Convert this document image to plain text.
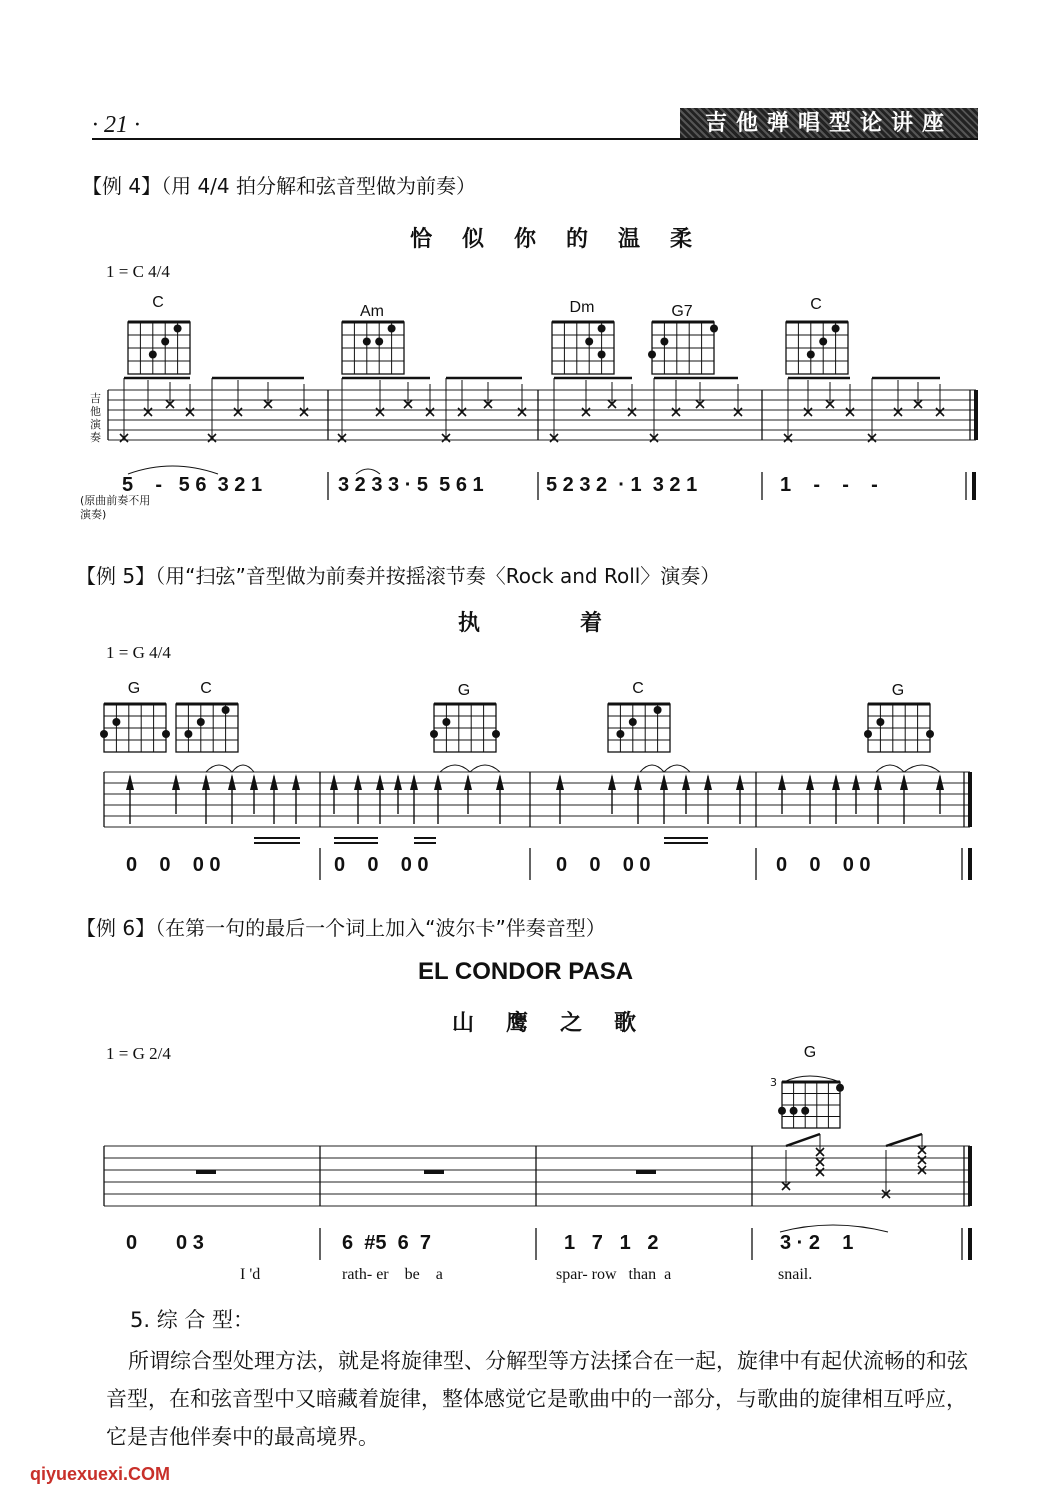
· 21 ·	吉他弹唱型论讲座
【例 4】（用 4/4 拍分解和弦音型做为前奏）
恰似你的温柔
1 = C 4/4
C
Am	Dm	G7	C
吉他演奏
5    -   5 6  3 2 1	3 2 3 3 · 5  5 6 1	5 2 3 2  · 1  3 2 1	1    -    -    -
(原曲前奏不用演奏)
【例 5】（用“扫弦”音型做为前奏并按摇滚节奏〈Rock and Roll〉演奏）
执着
1 = G 4/4
G	C	G	C	G
0    0    0 0	0    0    0 0	0    0    0 0	0    0    0 0
【例 6】（在第一句的最后一个词上加入“波尔卡”伴奏音型）
EL CONDOR PASA
山鹰之歌
1 = G 2/4	G
3
0       0 3	6  #5  6  7	1   7   1   2	3 · 2    1
I 'd	rath- er    be    a	spar- row   than  a	snail.
5. 综 合 型：
所谓综合型处理方法，就是将旋律型、分解型等方法揉合在一起，旋律中有起伏流畅的和弦音型，在和弦音型中又暗藏着旋律，整体感觉它是歌曲中的一部分，与歌曲的旋律相互呼应，它是吉他伴奏中的最高境界。
qiyuexuexi.COM
